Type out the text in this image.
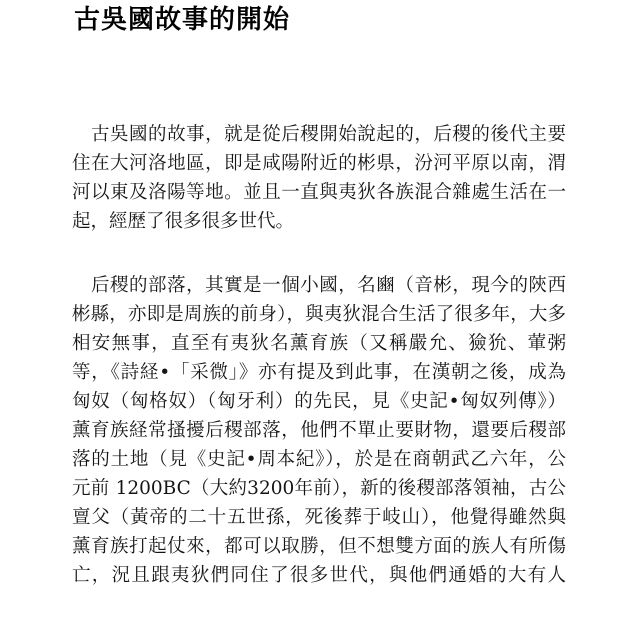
古吳國故事的開始
古吳國的故事，就是從后稷開始說起的，后稷的後代主要
住在大河洛地區，即是咸陽附近的彬県，汾河平原以南，渭
河以東及洛陽等地。並且一直與夷狄各族混合雜處生活在一
起，經歷了很多很多世代。
后稷的部落，其實是一個小國，名豳（音彬，現今的陝西
彬縣，亦即是周族的前身），與夷狄混合生活了很多年，大多
相安無事，直至有夷狄名薰育族（又稱嚴允、獫狁、葷粥
等，《詩経•「采微」》亦有提及到此事，在漢朝之後，成為
匈奴（匈格奴）（匈牙利）的先民，見《史記•匈奴列傳》）
薰育族経常搔擾后稷部落，他們不單止要財物，還要后稷部
落的土地（見《史記•周本紀》），於是在商朝武乙六年，公
元前 1200BC（大約3200年前），新的後稷部落領袖，古公
亶父（黃帝的二十五世孫，死後葬于岐山），他覺得雖然與
薰育族打起仗來，都可以取勝，但不想雙方面的族人有所傷
亡，況且跟夷狄們同住了很多世代，與他們通婚的大有人
